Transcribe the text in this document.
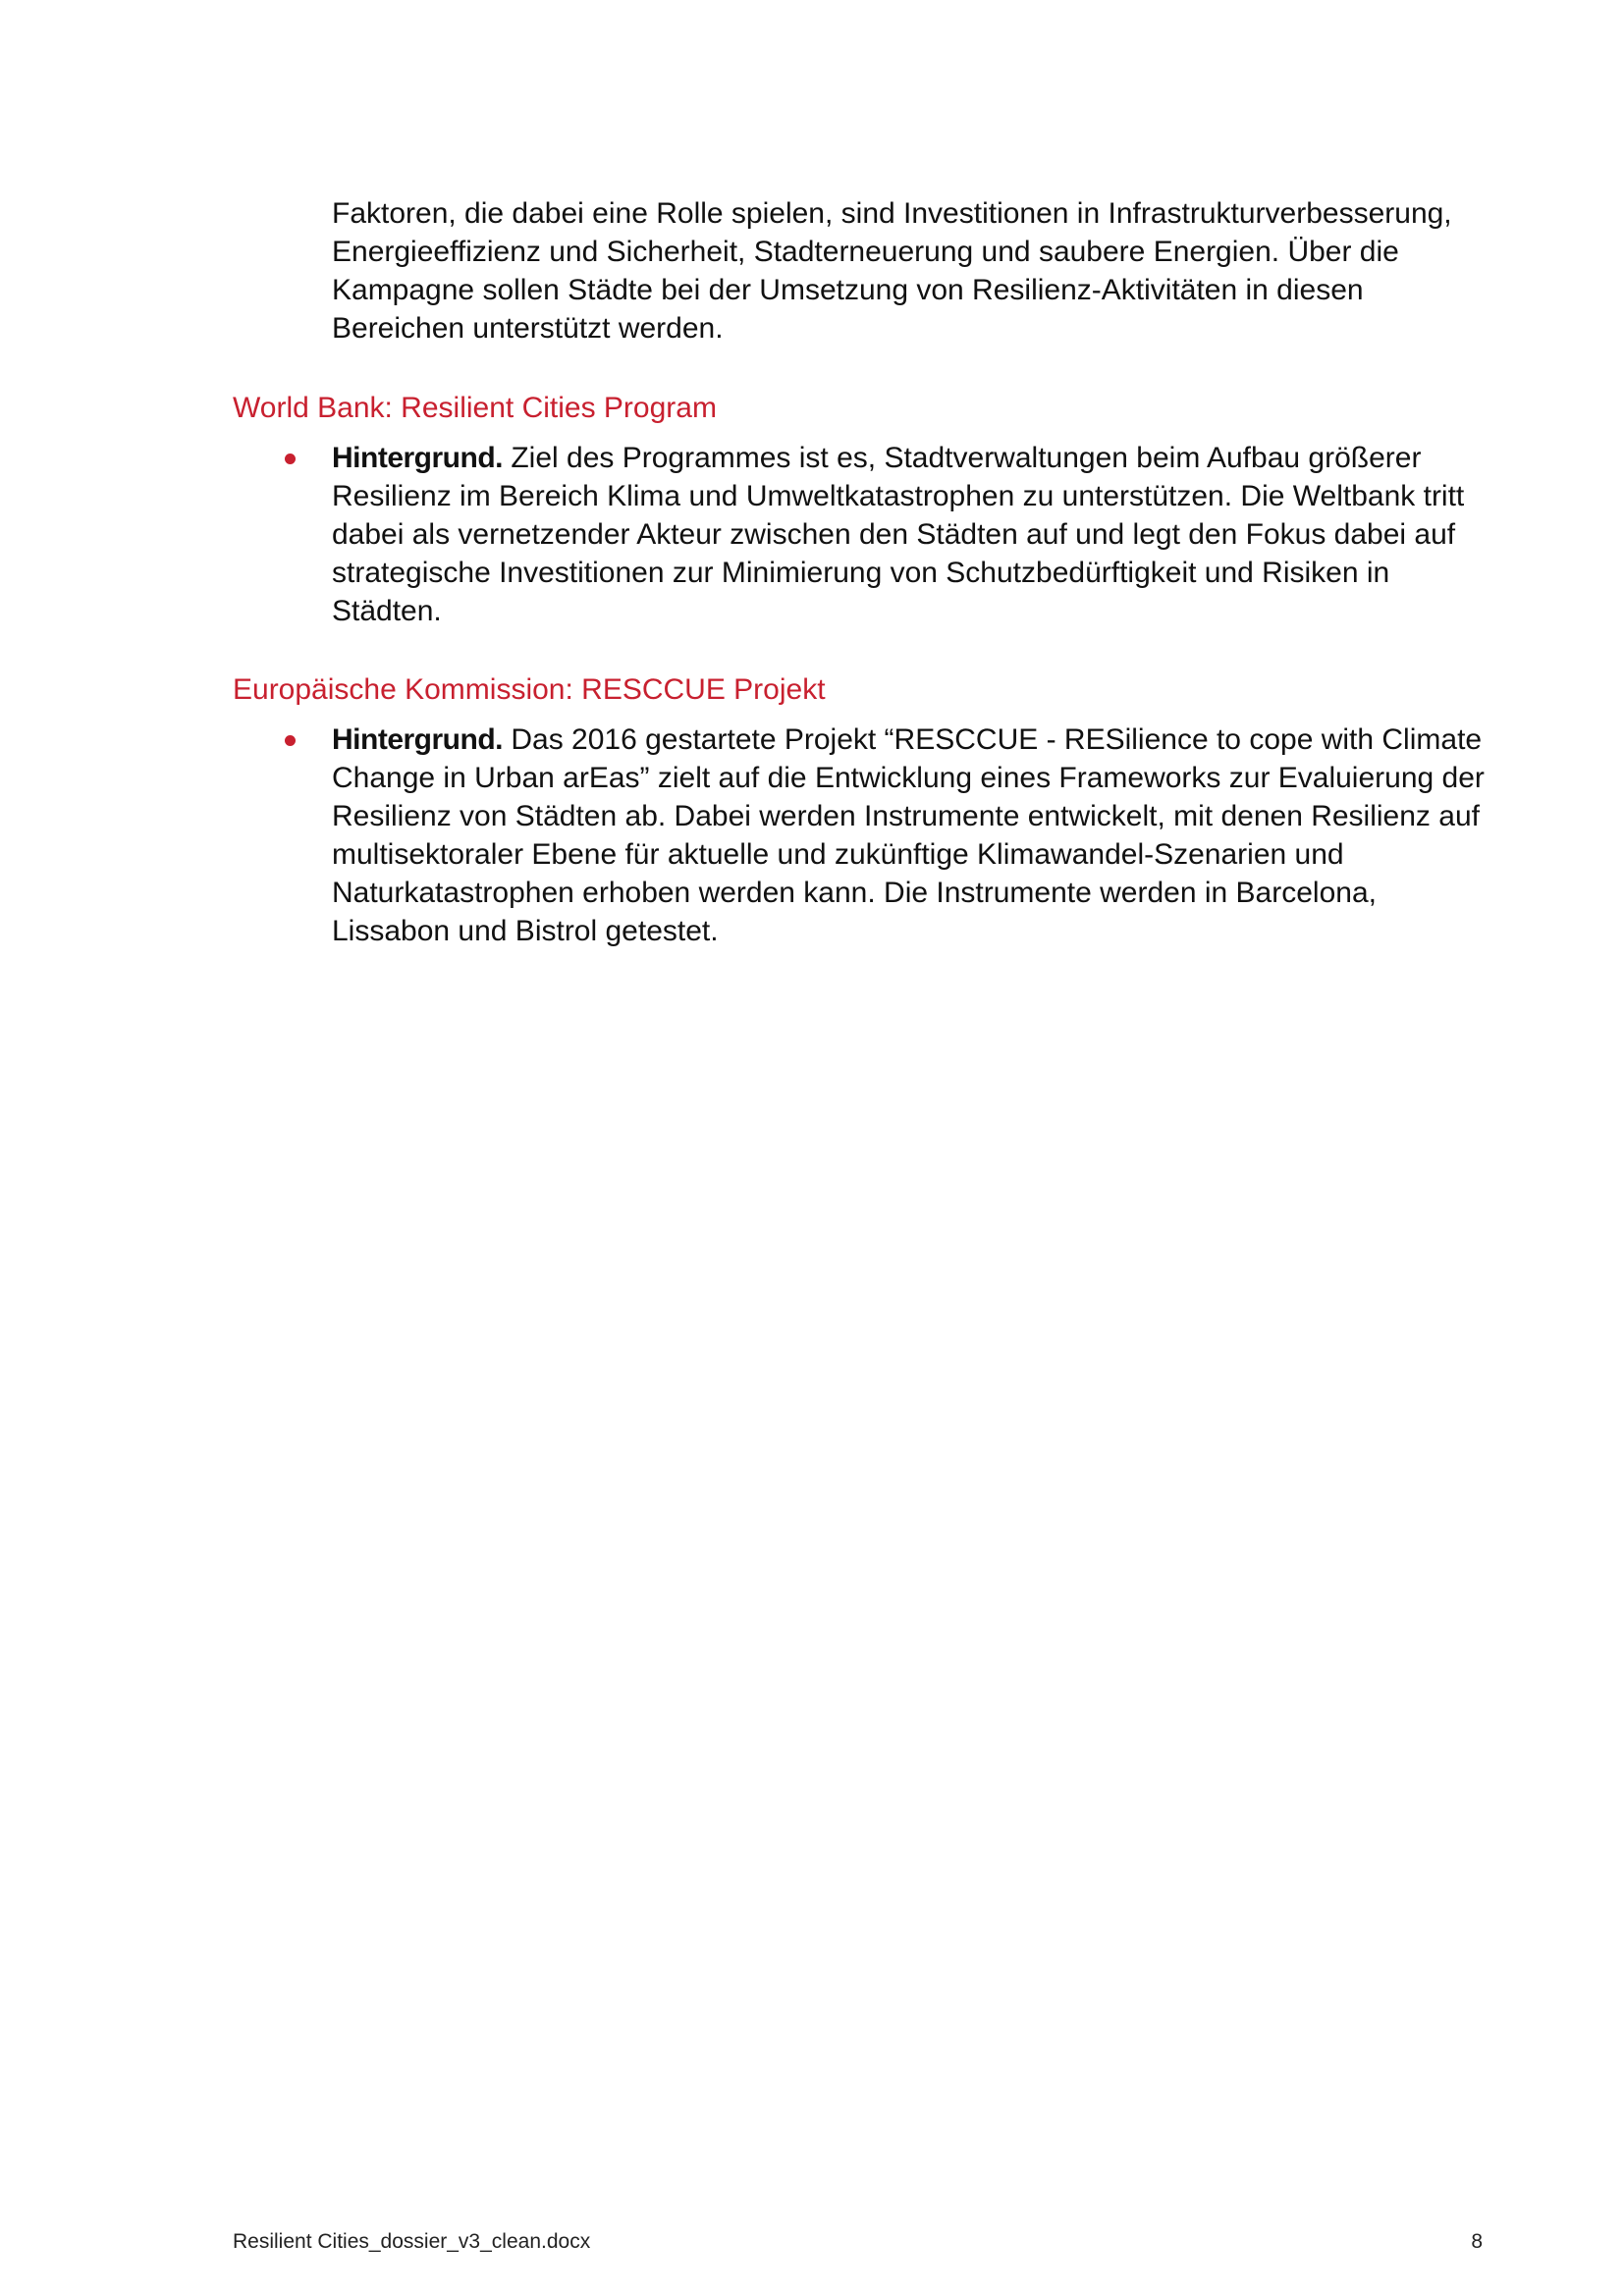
Faktoren, die dabei eine Rolle spielen, sind Investitionen in Infrastrukturverbesserung, Energieeffizienz und Sicherheit, Stadterneuerung und saubere Energien. Über die Kampagne sollen Städte bei der Umsetzung von Resilienz-Aktivitäten in diesen Bereichen unterstützt werden.

World Bank: Resilient Cities Program

Hintergrund. Ziel des Programmes ist es, Stadtverwaltungen beim Aufbau größerer Resilienz im Bereich Klima und Umweltkatastrophen zu unterstützen. Die Weltbank tritt dabei als vernetzender Akteur zwischen den Städten auf und legt den Fokus dabei auf strategische Investitionen zur Minimierung von Schutzbedürftigkeit und Risiken in Städten.

Europäische Kommission: RESCCUE Projekt

Hintergrund. Das 2016 gestartete Projekt “RESCCUE - RESilience to cope with Climate Change in Urban arEas” zielt auf die Entwicklung eines Frameworks zur Evaluierung der Resilienz von Städten ab. Dabei werden Instrumente entwickelt, mit denen Resilienz auf multisektoraler Ebene für aktuelle und zukünftige Klimawandel-Szenarien und Naturkatastrophen erhoben werden kann. Die Instrumente werden in Barcelona, Lissabon und Bistrol getestet.

Resilient Cities_dossier_v3_clean.docx	8
